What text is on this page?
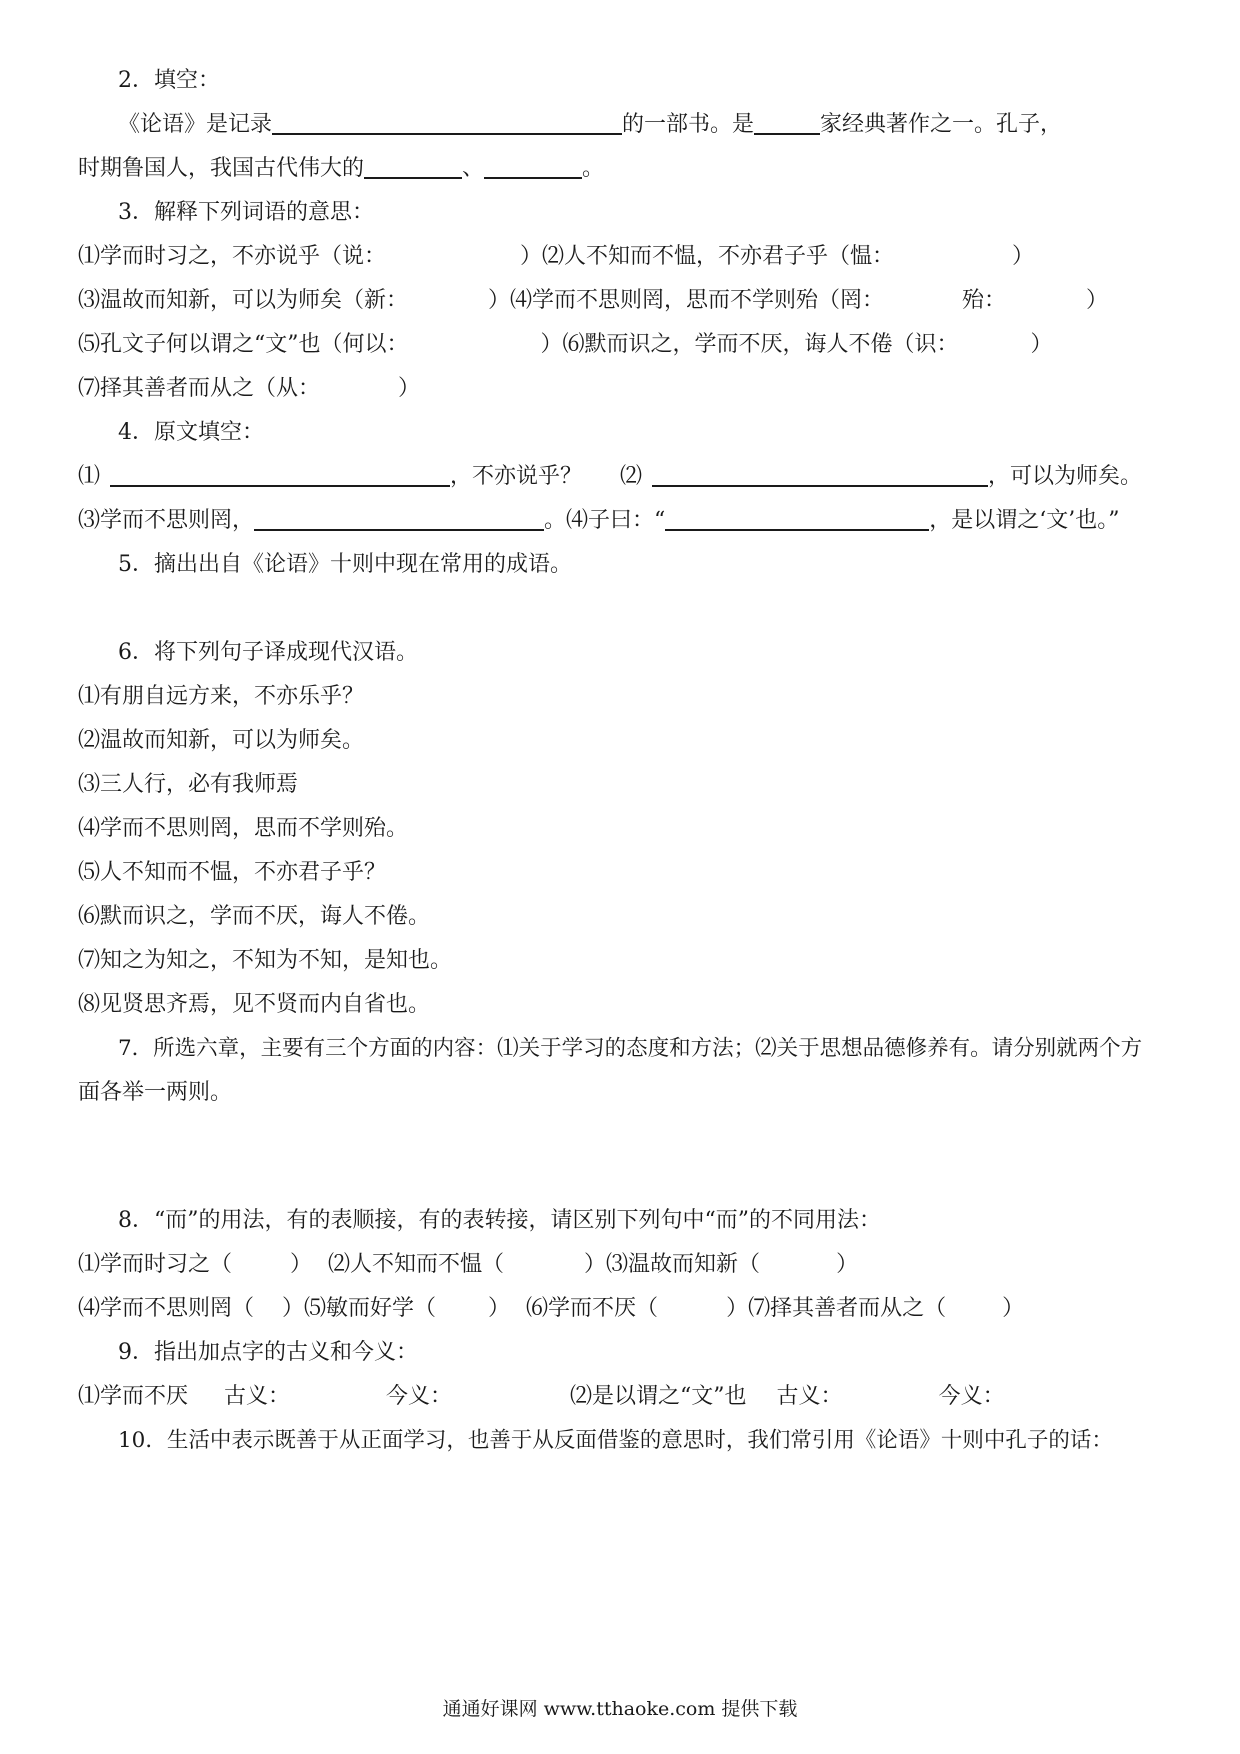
2．填空：
《论语》是记录	的一部书。是	家经典著作之一。孔子，
时期鲁国人，我国古代伟大的	、	。
3．解释下列词语的意思：
⑴学而时习之，不亦说乎（说：	）⑵人不知而不愠，不亦君子乎（愠：	）
⑶温故而知新，可以为师矣（新：	）⑷学而不思则罔，思而不学则殆（罔：	殆：	）
⑸孔文子何以谓之“文”也（何以：	）⑹默而识之，学而不厌，诲人不倦（识：	）
⑺择其善者而从之（从：	）
4．原文填空：
⑴	，不亦说乎？ ⑵	，可以为师矣。
⑶学而不思则罔，	。⑷子曰：“	，是以谓之‘文’也。”
5．摘出出自《论语》十则中现在常用的成语。
6．将下列句子译成现代汉语。
⑴有朋自远方来，不亦乐乎？
⑵温故而知新，可以为师矣。
⑶三人行，必有我师焉
⑷学而不思则罔，思而不学则殆。
⑸人不知而不愠，不亦君子乎？
⑹默而识之，学而不厌，诲人不倦。
⑺知之为知之，不知为不知，是知也。
⑻见贤思齐焉，见不贤而内自省也。
7．所选六章，主要有三个方面的内容：⑴关于学习的态度和方法；⑵关于思想品德修养有。请分别就两个方
面各举一两则。
8．“而”的用法，有的表顺接，有的表转接，请区别下列句中“而”的不同用法：
⑴学而时习之（	） ⑵人不知而不愠（	）⑶温故而知新（	）
⑷学而不思则罔（ ）⑸敏而好学（ ） ⑹学而不厌（	）⑺择其善者而从之（	）
9．指出加点字的古义和今义：
⑴学而不厌 古义：	今义：	⑵是以谓之“文”也 古义：	今义：
10．生活中表示既善于从正面学习，也善于从反面借鉴的意思时，我们常引用《论语》十则中孔子的话：
通通好课网 www.tthaoke.com 提供下载
